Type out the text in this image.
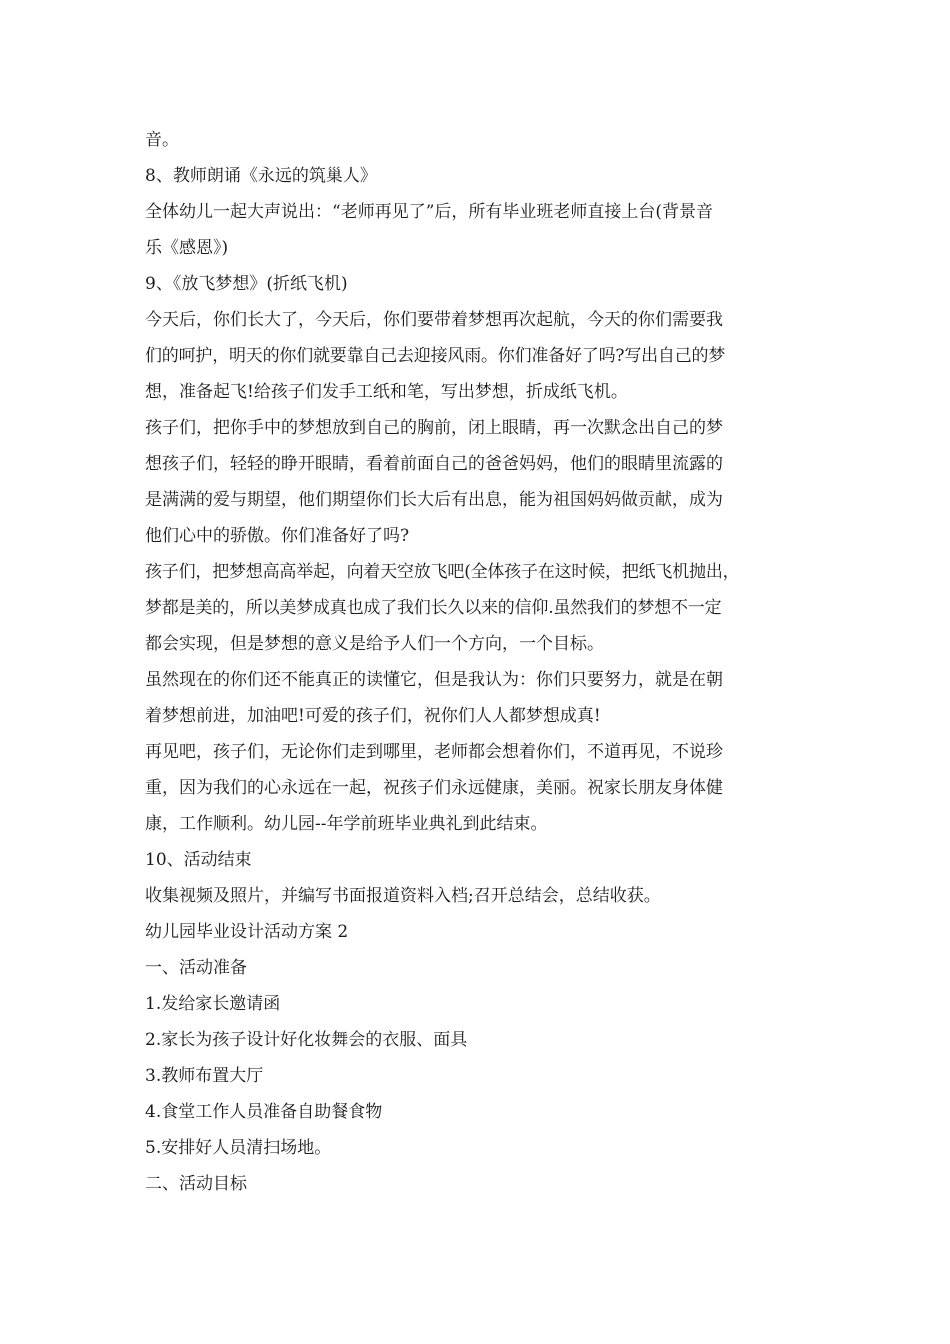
音。
8、教师朗诵《永远的筑巢人》
全体幼儿一起大声说出：“老师再见了”后，所有毕业班老师直接上台(背景音
乐《感恩》)
9、《放飞梦想》(折纸飞机)
今天后，你们长大了，今天后，你们要带着梦想再次起航，今天的你们需要我
们的呵护，明天的你们就要靠自己去迎接风雨。你们准备好了吗?写出自己的梦
想，准备起飞!给孩子们发手工纸和笔，写出梦想，折成纸飞机。
孩子们，把你手中的梦想放到自己的胸前，闭上眼睛，再一次默念出自己的梦
想孩子们，轻轻的睁开眼睛，看着前面自己的爸爸妈妈，他们的眼睛里流露的
是满满的爱与期望，他们期望你们长大后有出息，能为祖国妈妈做贡献，成为
他们心中的骄傲。你们准备好了吗?
孩子们，把梦想高高举起，向着天空放飞吧(全体孩子在这时候，把纸飞机抛出，
梦都是美的，所以美梦成真也成了我们长久以来的信仰.虽然我们的梦想不一定
都会实现，但是梦想的意义是给予人们一个方向，一个目标。
虽然现在的你们还不能真正的读懂它，但是我认为：你们只要努力，就是在朝
着梦想前进，加油吧!可爱的孩子们，祝你们人人都梦想成真!
再见吧，孩子们，无论你们走到哪里，老师都会想着你们，不道再见，不说珍
重，因为我们的心永远在一起，祝孩子们永远健康，美丽。祝家长朋友身体健
康，工作顺利。幼儿园--年学前班毕业典礼到此结束。
10、活动结束
收集视频及照片，并编写书面报道资料入档;召开总结会，总结收获。
幼儿园毕业设计活动方案 2
一、活动准备
1.发给家长邀请函
2.家长为孩子设计好化妆舞会的衣服、面具
3.教师布置大厅
4.食堂工作人员准备自助餐食物
5.安排好人员清扫场地。
二、活动目标
